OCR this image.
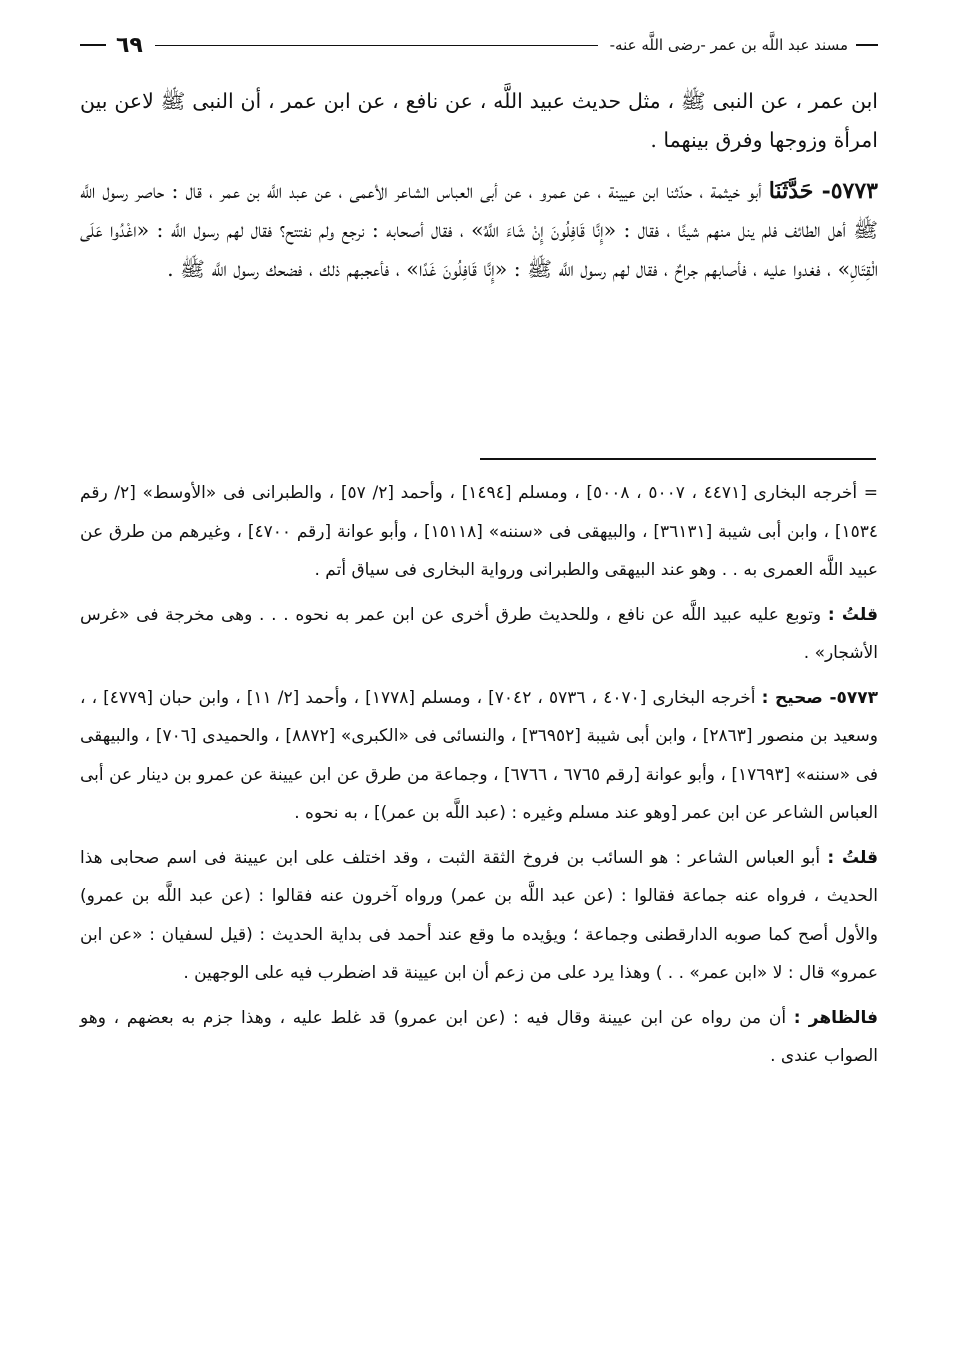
مسند عبد اللَّه بن عمر -رضى اللَّه عنه-
٦٩

ابن عمر ، عن النبى ﷺ ، مثل حديث عبيد اللَّه ، عن نافع ، عن ابن عمر ، أن النبى ﷺ لاعن بين امرأة وزوجها وفرق بينهما .

٥٧٧٣- حَدَّثَنَا أبو خيثمة ، حدّثنا ابن عيينة ، عن عمرو ، عن أبى العباس الشاعر الأعمى ، عن عبد اللَّه بن عمر ، قال : حاصر رسول اللَّه ﷺ أهل الطائف فلم ينل منهم شيئًا ، فقال : «إِنَّا قَافِلُونَ إِنْ شَاءَ اللَّهُ» ، فقال أصحابه : نرجع ولم نفتتح؟ فقال لهم رسول اللَّه : «اغْدُوا عَلَى الْقِتَالِ» ، فغدوا عليه ، فأصابهم جراحٌ ، فقال لهم رسول اللَّه ﷺ : «إِنَّا قَافِلُونَ غَدًا» ، فأعجبهم ذلك ، فضحك رسول اللَّه ﷺ .

= أخرجه البخارى [٤٤٧١ ، ٥٠٠٧ ، ٥٠٠٨] ، ومسلم [١٤٩٤] ، وأحمد [٢/ ٥٧] ، والطبرانى فى «الأوسط» [٢/ رقم ١٥٣٤] ، وابن أبى شيبة [٣٦١٣١] ، والبيهقى فى «سننه» [١٥١١٨] ، وأبو عوانة [رقم ٤٧٠٠] ، وغيرهم من طرق عن عبيد اللَّه العمرى به . . وهو عند البيهقى والطبرانى ورواية البخارى فى سياق أتم .

قلتُ : وتوبع عليه عبيد اللَّه عن نافع ، وللحديث طرق أخرى عن ابن عمر به نحوه . . . وهى مخرجة فى «غرس الأشجار» .

٥٧٧٣- صحيح : أخرجه البخارى [٤٠٧٠ ، ٥٧٣٦ ، ٧٠٤٢] ، ومسلم [١٧٧٨] ، وأحمد [٢/ ١١] ، وابن حبان [٤٧٧٩] ، ، وسعيد بن منصور [٢٨٦٣] ، وابن أبى شيبة [٣٦٩٥٢] ، والنسائى فى «الكبرى» [٨٨٧٢] ، والحميدى [٧٠٦] ، والبيهقى فى «سننه» [١٧٦٩٣] ، وأبو عوانة [رقم ٦٧٦٥ ، ٦٧٦٦] ، وجماعة من طرق عن ابن عيينة عن عمرو بن دينار عن أبى العباس الشاعر عن ابن عمر [وهو عند مسلم وغيره : (عبد اللَّه بن عمر)] ، به نحوه .

قلتُ : أبو العباس الشاعر : هو السائب بن فروخ الثقة الثبت ، وقد اختلف على ابن عيينة فى اسم صحابى هذا الحديث ، فرواه عنه جماعة فقالوا : (عن عبد اللَّه بن عمر) ورواه آخرون عنه فقالوا : (عن عبد اللَّه بن عمرو) والأول أصح كما صوبه الدارقطنى وجماعة ؛ ويؤيده ما وقع عند أحمد فى بداية الحديث : (قيل لسفيان : «عن ابن عمرو» قال : لا «ابن عمر» . . ) وهذا يرد على من زعم أن ابن عيينة قد اضطرب فيه على الوجهين .

فالظاهر : أن من رواه عن ابن عيينة وقال فيه : (عن ابن عمرو) قد غلط عليه ، وهذا جزم به بعضهم ، وهو الصواب عندى .
